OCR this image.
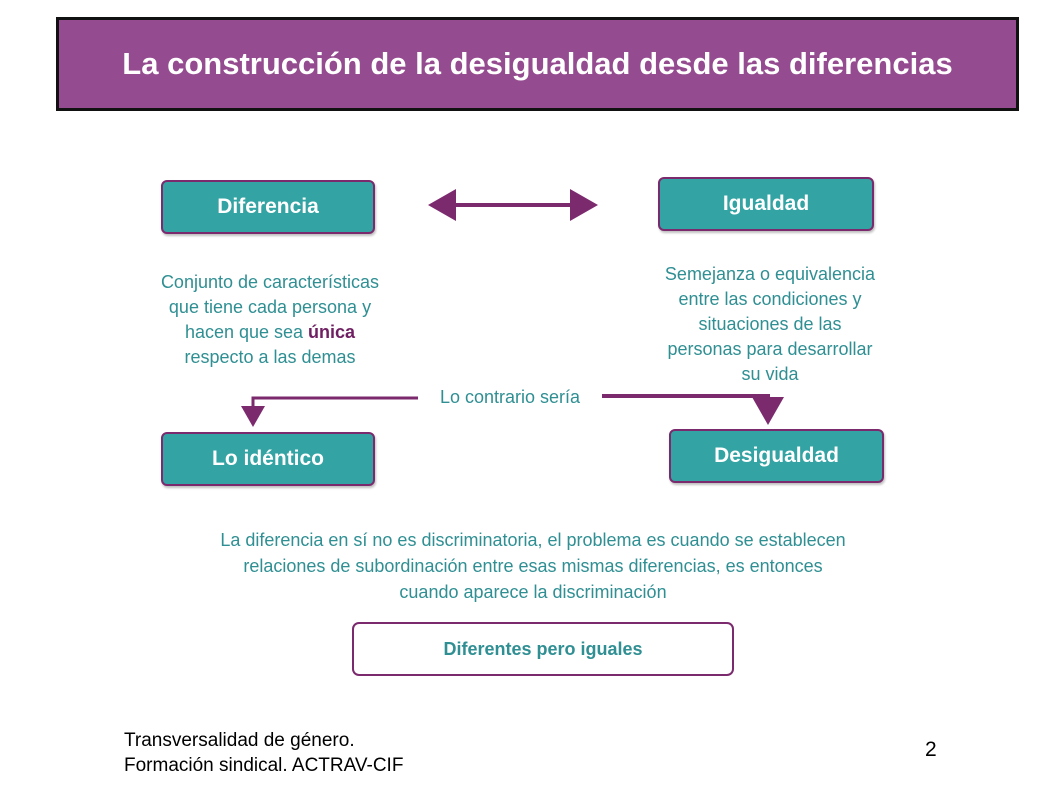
La construcción de la desigualdad desde las diferencias
Diferencia	Igualdad
Lo idéntico	Desigualdad
Conjunto de características
que tiene cada persona y
hacen que sea única
respecto a las demas
Semejanza o equivalencia
entre las condiciones y
situaciones de las
personas para desarrollar
su vida
Lo contrario sería
La diferencia en sí no es discriminatoria, el problema es cuando se establecen
relaciones de subordinación entre esas mismas diferencias, es entonces
cuando aparece la discriminación
Diferentes pero iguales
Transversalidad de género.
Formación sindical. ACTRAV-CIF
2
